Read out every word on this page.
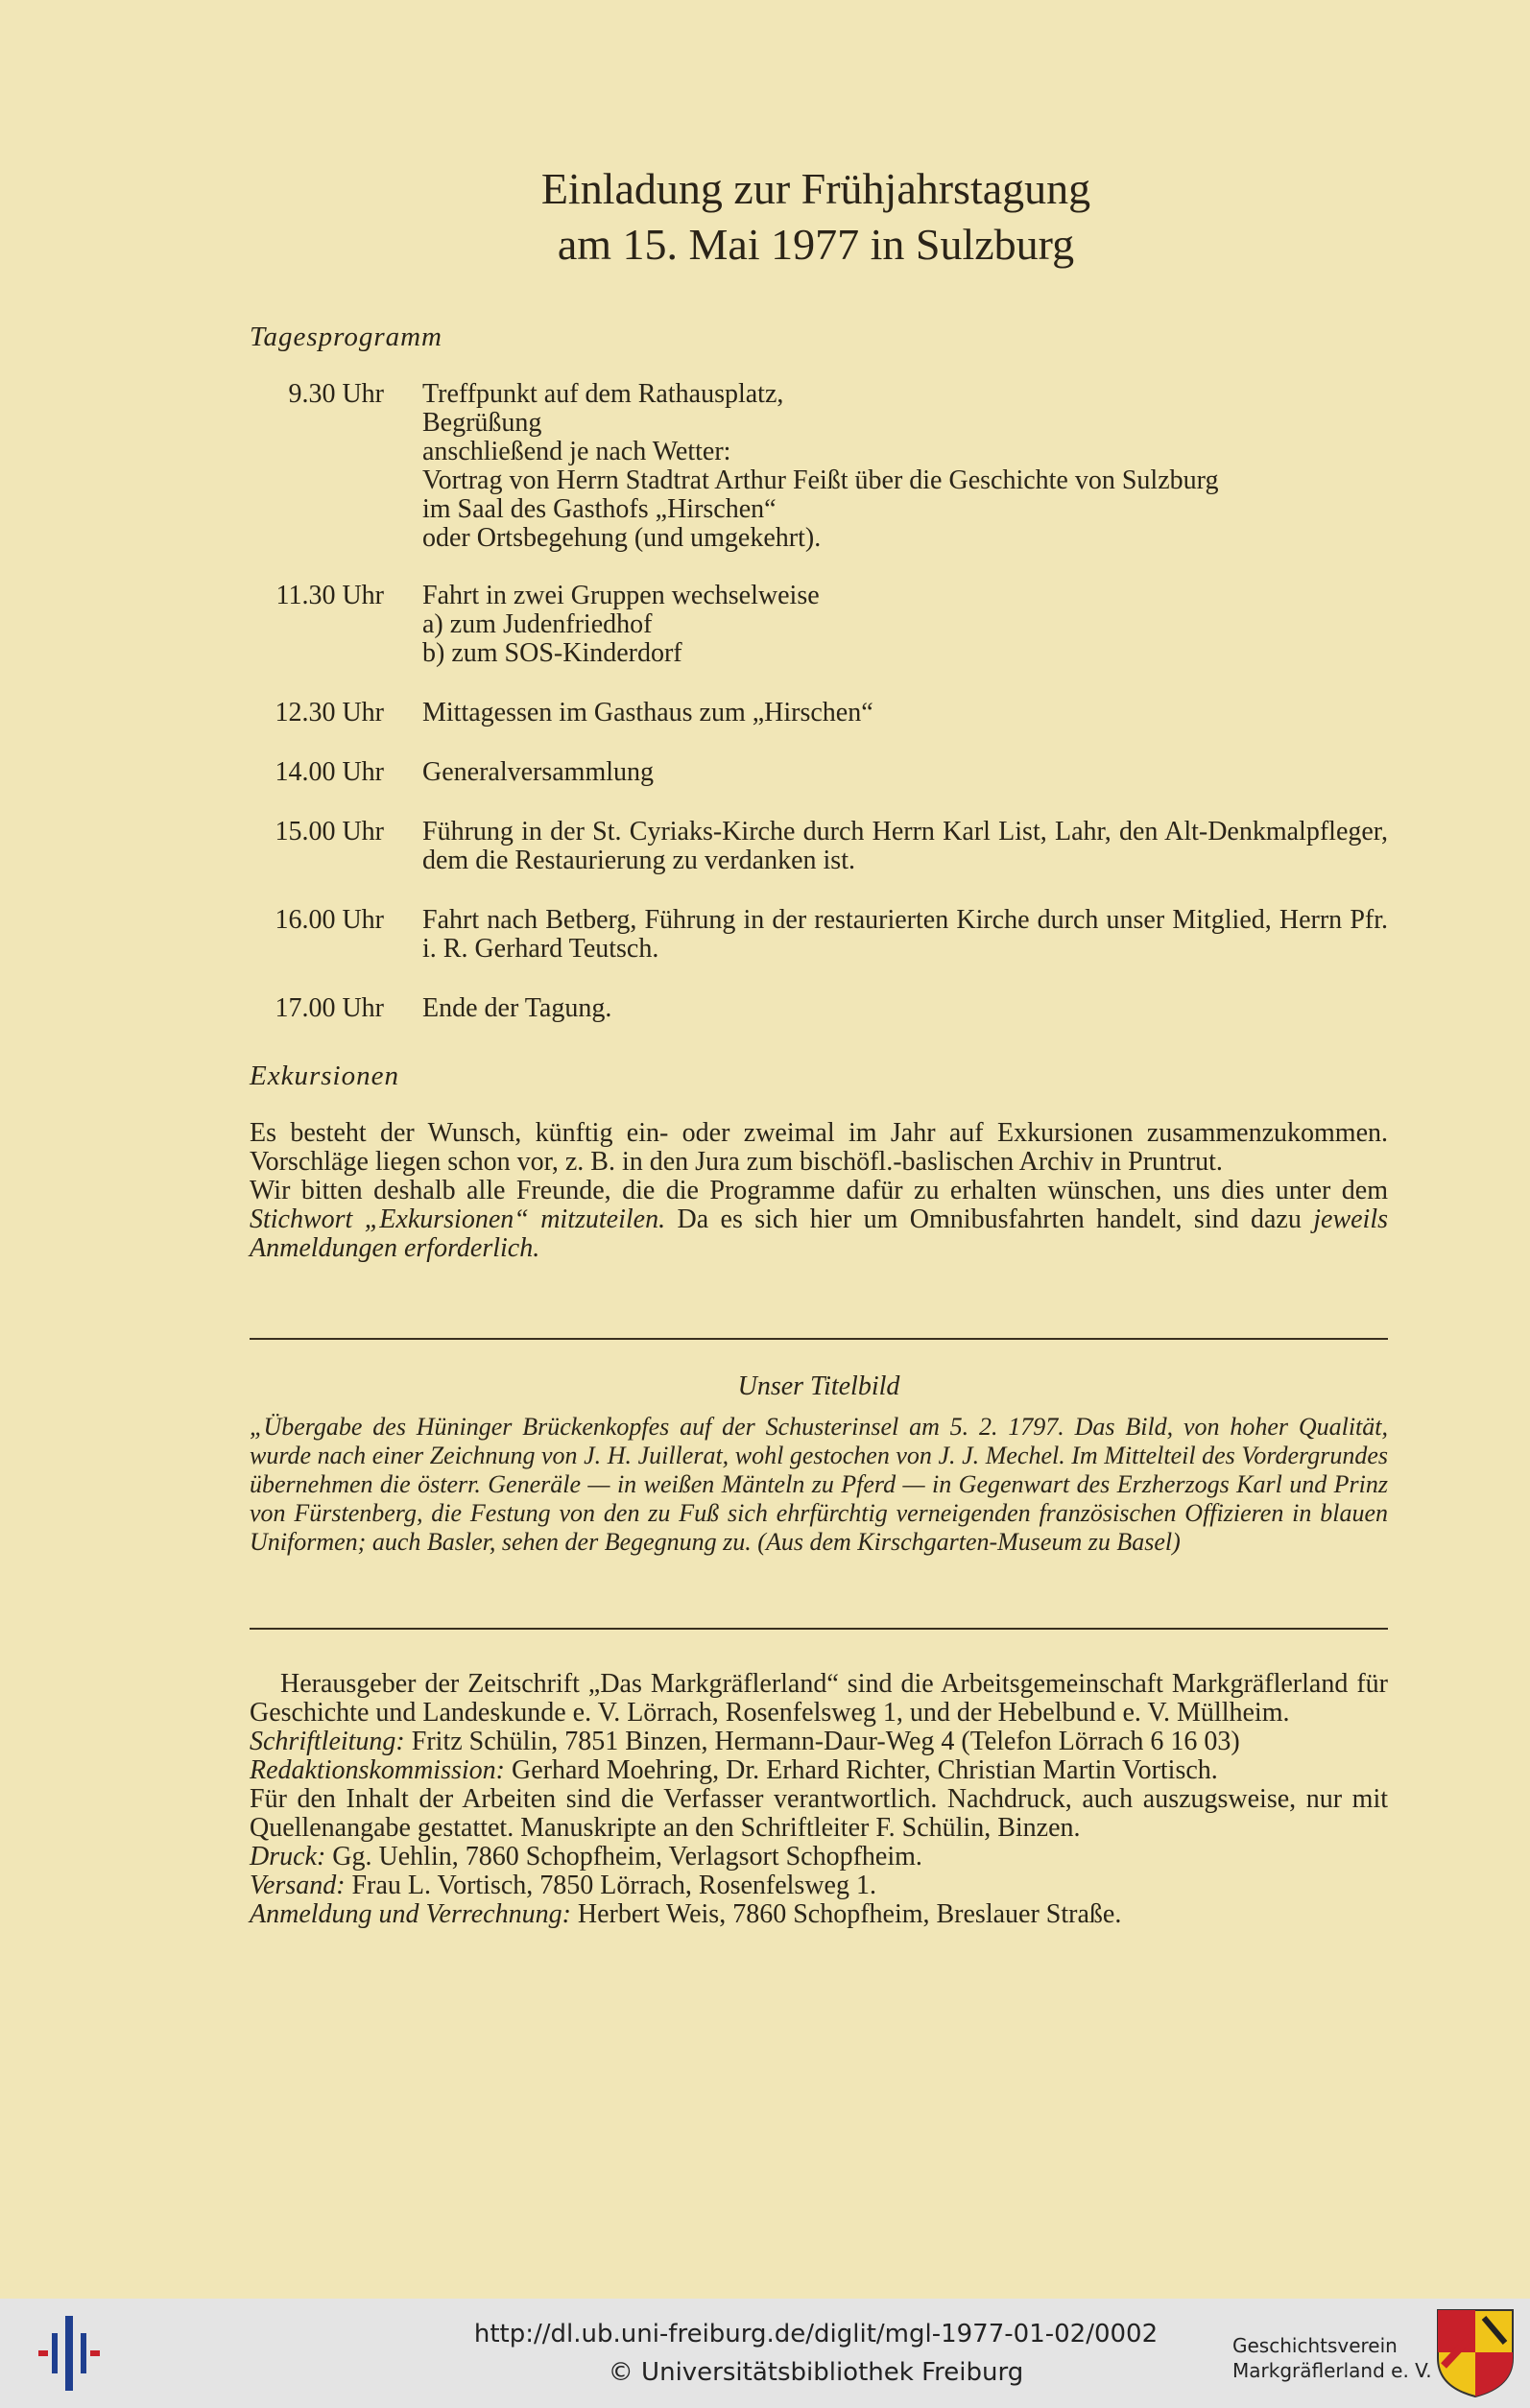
Einladung zur Frühjahrstagung
am 15. Mai 1977 in Sulzburg
Tagesprogramm
9.30 Uhr Treffpunkt auf dem Rathausplatz,
Begrüßung
anschließend je nach Wetter:
Vortrag von Herrn Stadtrat Arthur Feißt über die Geschichte von Sulzburg
im Saal des Gasthofs „Hirschen“
oder Ortsbegehung (und umgekehrt).
11.30 Uhr Fahrt in zwei Gruppen wechselweise
a) zum Judenfriedhof
b) zum SOS-Kinderdorf
12.30 Uhr Mittagessen im Gasthaus zum „Hirschen“
14.00 Uhr Generalversammlung
15.00 Uhr Führung in der St. Cyriaks-Kirche durch Herrn Karl List, Lahr, den Alt-Denkmalpfleger, dem die Restaurierung zu verdanken ist.
16.00 Uhr Fahrt nach Betberg, Führung in der restaurierten Kirche durch unser Mitglied, Herrn Pfr. i. R. Gerhard Teutsch.
17.00 Uhr Ende der Tagung.
Exkursionen
Es besteht der Wunsch, künftig ein- oder zweimal im Jahr auf Exkursionen zusammenzukommen. Vorschläge liegen schon vor, z. B. in den Jura zum bischöfl.-baslischen Archiv in Pruntrut.
Wir bitten deshalb alle Freunde, die die Programme dafür zu erhalten wünschen, uns dies unter dem Stichwort „Exkursionen“ mitzuteilen. Da es sich hier um Omnibusfahrten handelt, sind dazu jeweils Anmeldungen erforderlich.
Unser Titelbild
„Übergabe des Hüninger Brückenkopfes auf der Schusterinsel am 5. 2. 1797. Das Bild, von hoher Qualität, wurde nach einer Zeichnung von J. H. Juillerat, wohl gestochen von J. J. Mechel. Im Mittelteil des Vordergrundes übernehmen die österr. Generäle — in weißen Mänteln zu Pferd — in Gegenwart des Erzherzogs Karl und Prinz von Fürstenberg, die Festung von den zu Fuß sich ehrfürchtig verneigenden französischen Offizieren in blauen Uniformen; auch Basler, sehen der Begegnung zu. (Aus dem Kirschgarten-Museum zu Basel)
Herausgeber der Zeitschrift „Das Markgräflerland“ sind die Arbeitsgemeinschaft Markgräflerland für Geschichte und Landeskunde e. V. Lörrach, Rosenfelsweg 1, und der Hebelbund e. V. Müllheim.
Schriftleitung: Fritz Schülin, 7851 Binzen, Hermann-Daur-Weg 4 (Telefon Lörrach 6 16 03)
Redaktionskommission: Gerhard Moehring, Dr. Erhard Richter, Christian Martin Vortisch.
Für den Inhalt der Arbeiten sind die Verfasser verantwortlich. Nachdruck, auch auszugsweise, nur mit Quellenangabe gestattet. Manuskripte an den Schriftleiter F. Schülin, Binzen.
Druck: Gg. Uehlin, 7860 Schopfheim, Verlagsort Schopfheim.
Versand: Frau L. Vortisch, 7850 Lörrach, Rosenfelsweg 1.
Anmeldung und Verrechnung: Herbert Weis, 7860 Schopfheim, Breslauer Straße.
http://dl.ub.uni-freiburg.de/diglit/mgl-1977-01-02/0002
© Universitätsbibliothek Freiburg
Geschichtsverein
Markgräflerland e. V.
